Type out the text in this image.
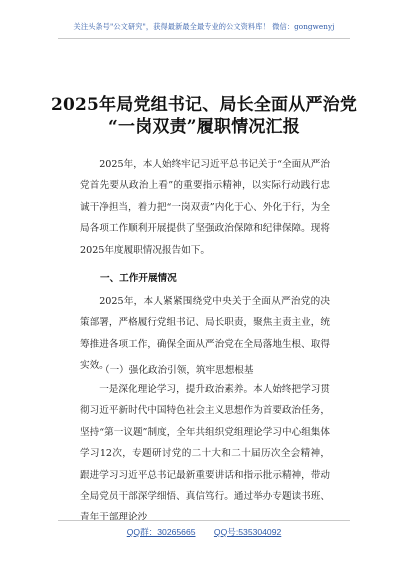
关注头条号"公文研究"，获得最新最全最专业的公文资料库！ 微信：gongwenyj
2025年局党组书记、局长全面从严治党
“一岗双责”履职情况汇报

2025年，本人始终牢记习近平总书记关于“全面从严治党首先要从政治上看”的重要指示精神，以实际行动践行忠诚干净担当，着力把“一岗双责”内化于心、外化于行，为全局各项工作顺利开展提供了坚强政治保障和纪律保障。现将2025年度履职情况报告如下。

一、工作开展情况

2025年，本人紧紧围绕党中央关于全面从严治党的决策部署，严格履行党组书记、局长职责，聚焦主责主业，统筹推进各项工作，确保全面从严治党在全局落地生根、取得实效。

（一）强化政治引领，筑牢思想根基

一是深化理论学习，提升政治素养。本人始终把学习贯彻习近平新时代中国特色社会主义思想作为首要政治任务，坚持“第一议题”制度，全年共组织党组理论学习中心组集体学习12次，专题研讨党的二十大和二十届历次全会精神，跟进学习习近平总书记最新重要讲话和指示批示精神，带动全局党员干部深学细悟、真信笃行。通过举办专题读书班、青年干部理论沙

QQ群：30265665 QQ号:535304092
